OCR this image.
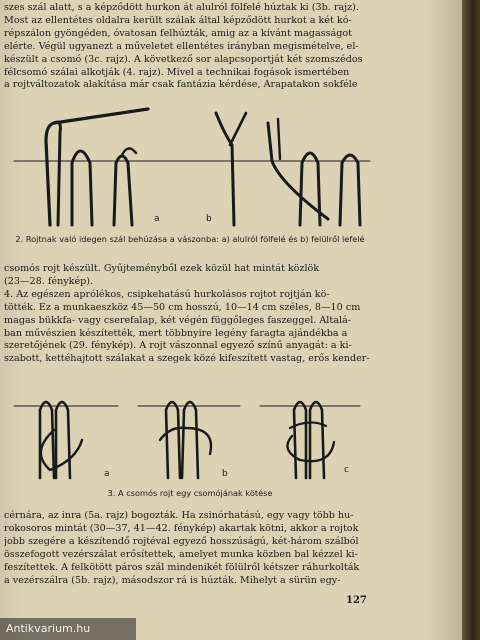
szes szál alatt, s a képződött hurkon át alulról fölfelé húztak ki (3b. rajz).
Most az ellentétes oldalra került szálak által képződött hurkot a két kó-
répszálon gyöngéden, óvatosan felhúzták, amig az a kívánt magasságot
elérte. Végül ugyanezt a műveletet ellentétes irányban megismételve, el-
készült a csomó (3c. rajz). A következő sor alapcsoportját két szomszédos
félcsomó szálai alkotják (4. rajz). Mivel a technikai fogások ismertében
a rojtváltozatok alakítása már csak fantázia kérdése, Árapatakon sokféle
a	b
2. Rojtnak való idegen szál behúzása a vászonba: a) alulról fölfelé és b) felülről lefelé
csomós rojt készült. Gyűjteményből ezek közül hat mintát közlök
(23—28. fénykép).
4. Az egészen aprólékos, csipkehatású hurkolásos rojtot rojtján kö-
tötték. Ez a munkaeszköz 45—50 cm hosszú, 10—14 cm széles, 8—10 cm
magas bükkfa- vagy cserefalap, két végén függőleges faszeggel. Általá-
ban művészien készítették, mert többnyire legény faragta ajándékba a
szeretőjének (29. fénykép). A rojt vászonnal egyező színű anyagát: a ki-
szabott, kettéhajtott szálakat a szegek közé kifeszített vastag, erős kender-
a	b	c
3. A csomós rojt egy csomójának kötése
cérnára, az inra (5a. rajz) bogozták. Ha zsinórhatású, egy vagy több hu-
rokosoros mintát (30—37, 41—42. fénykép) akartak kötni, akkor a rojtok
jobb szegére a készítendő rojtéval egyező hosszúságú, két-három szálból
összefogott vezérszálat erősítettek, amelyet munka közben bal kézzel ki-
feszítettek. A felkötött páros szál mindenikét fölülről kétszer ráhurkolták
a vezérszálra (5b. rajz), másodszor rá is húzták. Mihelyt a sürün egy-
127
Antikvarium.hu
